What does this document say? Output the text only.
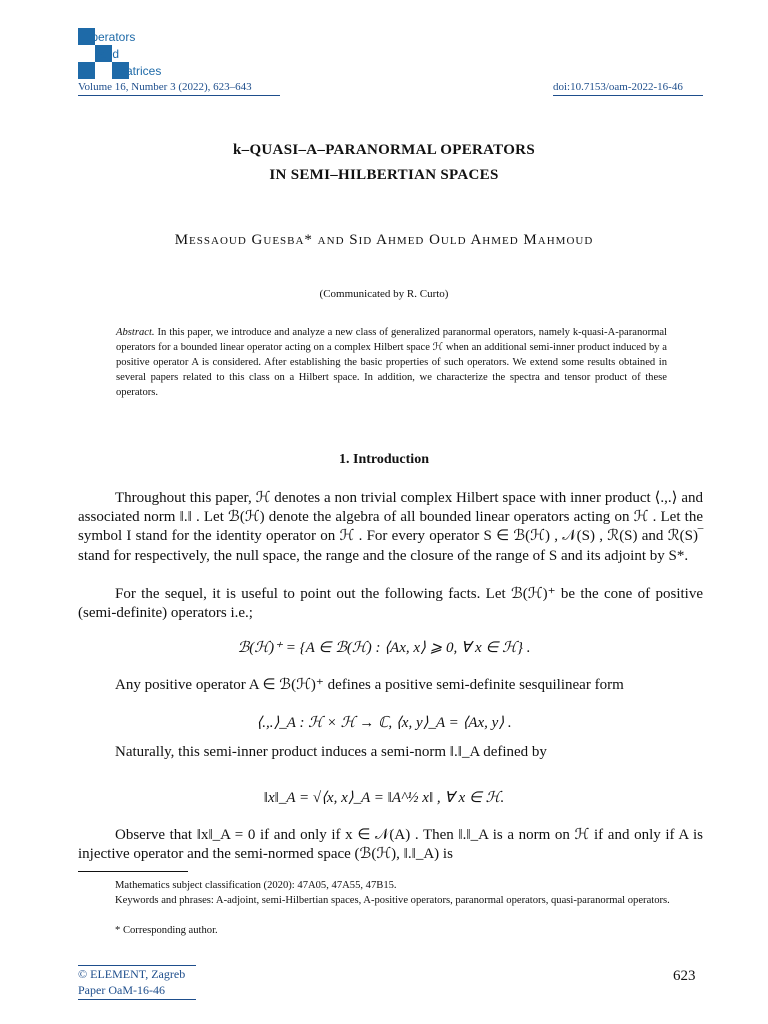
Operators
and
Matrices
Volume 16, Number 3 (2022), 623–643	doi:10.7153/oam-2022-16-46
k–QUASI–A–PARANORMAL OPERATORS
IN SEMI–HILBERTIAN SPACES
Messaoud Guesba* and Sid Ahmed Ould Ahmed Mahmoud
(Communicated by R. Curto)
Abstract. In this paper, we introduce and analyze a new class of generalized paranormal operators, namely k-quasi-A-paranormal operators for a bounded linear operator acting on a complex Hilbert space ℋ when an additional semi-inner product induced by a positive operator A is considered. After establishing the basic properties of such operators. We extend some results obtained in several papers related to this class on a Hilbert space. In addition, we characterize the spectra and tensor product of these operators.
1. Introduction
Throughout this paper, ℋ denotes a non trivial complex Hilbert space with inner product ⟨.,.⟩ and associated norm ‖.‖ . Let ℬ(ℋ) denote the algebra of all bounded linear operators acting on ℋ . Let the symbol I stand for the identity operator on ℋ . For every operator S ∈ ℬ(ℋ) , 𝒩(S) , ℛ(S) and ℛ(S)‾ stand for respectively, the null space, the range and the closure of the range of S and its adjoint by S*.
For the sequel, it is useful to point out the following facts. Let ℬ(ℋ)⁺ be the cone of positive (semi-definite) operators i.e.;
ℬ(ℋ)⁺ = {A ∈ ℬ(ℋ) : ⟨Ax, x⟩ ⩾ 0, ∀ x ∈ ℋ} .
Any positive operator A ∈ ℬ(ℋ)⁺ defines a positive semi-definite sesquilinear form
⟨.,.⟩_A : ℋ × ℋ → ℂ, ⟨x, y⟩_A = ⟨Ax, y⟩ .
Naturally, this semi-inner product induces a semi-norm ‖.‖_A defined by
‖x‖_A = √⟨x, x⟩_A = ‖A^½ x‖ , ∀ x ∈ ℋ.
Observe that ‖x‖_A = 0 if and only if x ∈ 𝒩(A) . Then ‖.‖_A is a norm on ℋ if and only if A is injective operator and the semi-normed space (ℬ(ℋ), ‖.‖_A) is
Mathematics subject classification (2020): 47A05, 47A55, 47B15.
Keywords and phrases: A-adjoint, semi-Hilbertian spaces, A-positive operators, paranormal operators, quasi-paranormal operators.
* Corresponding author.
© ELEMENT, Zagreb
Paper OaM-16-46
623
